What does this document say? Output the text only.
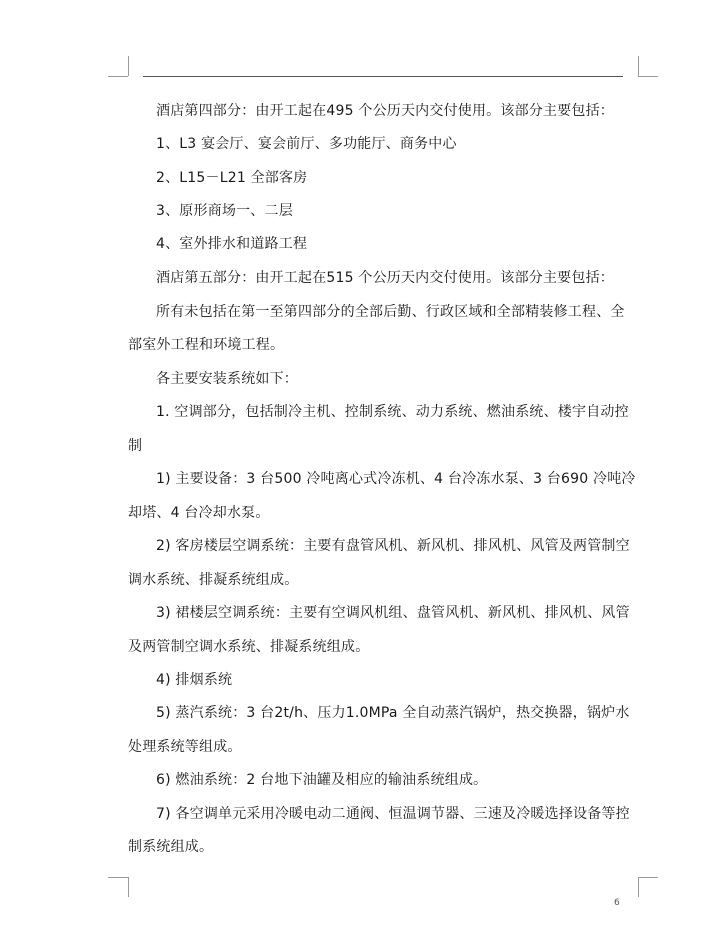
酒店第四部分：由开工起在495 个公历天内交付使用。该部分主要包括：
1、L3 宴会厅、宴会前厅、多功能厅、商务中心
2、L15－L21 全部客房
3、原形商场一、二层
4、室外排水和道路工程
酒店第五部分：由开工起在515 个公历天内交付使用。该部分主要包括：
所有未包括在第一至第四部分的全部后勤、行政区域和全部精装修工程、全
部室外工程和环境工程。
各主要安装系统如下：
1. 空调部分，包括制冷主机、控制系统、动力系统、燃油系统、楼宇自动控
制
1) 主要设备：3 台500 冷吨离心式冷冻机、4 台冷冻水泵、3 台690 冷吨冷
却塔、4 台冷却水泵。
2) 客房楼层空调系统：主要有盘管风机、新风机、排风机、风管及两管制空
调水系统、排凝系统组成。
3) 裙楼层空调系统：主要有空调风机组、盘管风机、新风机、排风机、风管
及两管制空调水系统、排凝系统组成。
4) 排烟系统
5) 蒸汽系统：3 台2t/h、压力1.0MPa 全自动蒸汽锅炉，热交换器，锅炉水
处理系统等组成。
6) 燃油系统：2 台地下油罐及相应的输油系统组成。
7) 各空调单元采用冷暖电动二通阀、恒温调节器、三速及冷暖选择设备等控
制系统组成。
6
